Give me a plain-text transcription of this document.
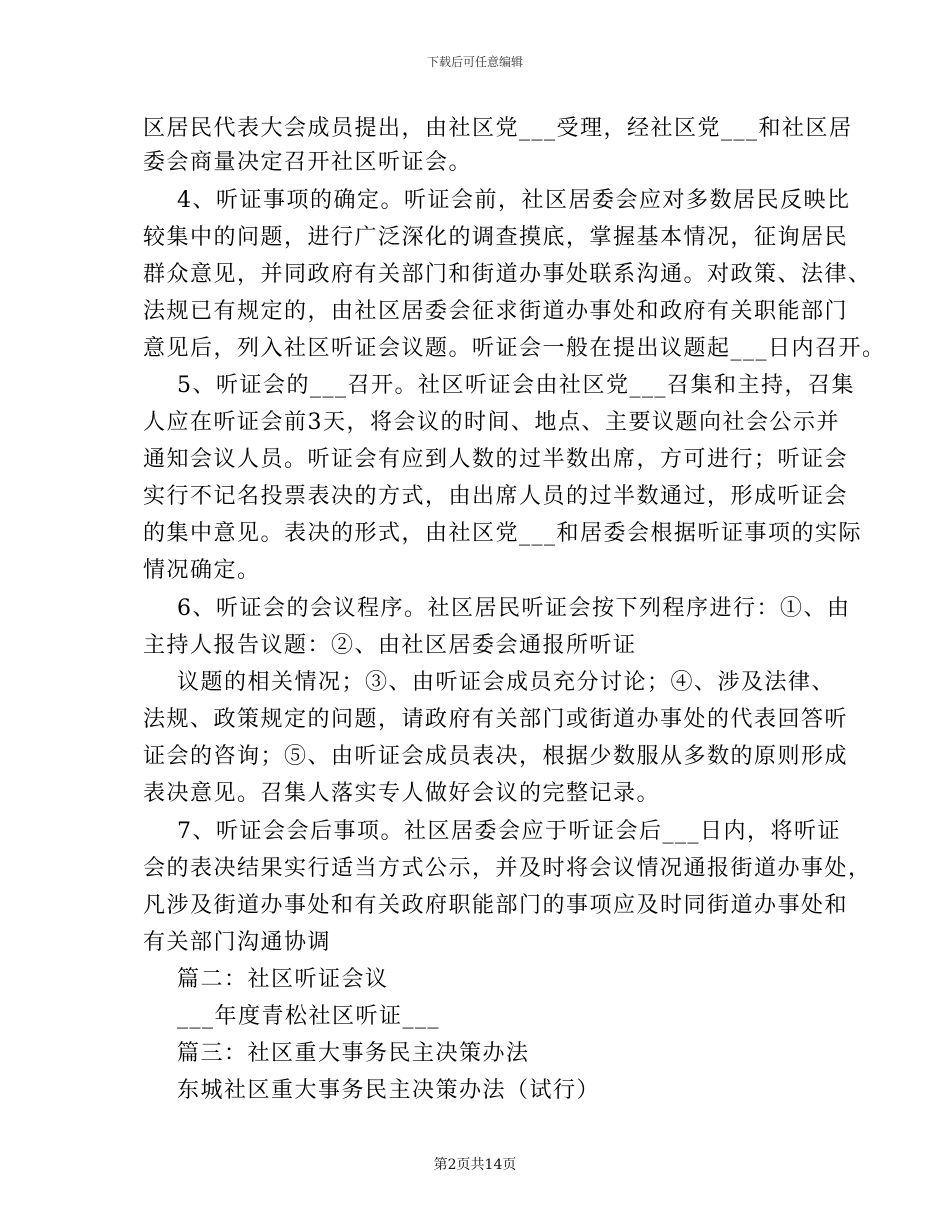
下载后可任意编辑
区居民代表大会成员提出，由社区党___受理，经社区党___和社区居
委会商量决定召开社区听证会。
4、听证事项的确定。听证会前，社区居委会应对多数居民反映比
较集中的问题，进行广泛深化的调查摸底，掌握基本情况，征询居民
群众意见，并同政府有关部门和街道办事处联系沟通。对政策、法律、
法规已有规定的，由社区居委会征求街道办事处和政府有关职能部门
意见后，列入社区听证会议题。听证会一般在提出议题起___日内召开。
5、听证会的___召开。社区听证会由社区党___召集和主持，召集
人应在听证会前3天，将会议的时间、地点、主要议题向社会公示并
通知会议人员。听证会有应到人数的过半数出席，方可进行；听证会
实行不记名投票表决的方式，由出席人员的过半数通过，形成听证会
的集中意见。表决的形式，由社区党___和居委会根据听证事项的实际
情况确定。
6、听证会的会议程序。社区居民听证会按下列程序进行：①、由
主持人报告议题：②、由社区居委会通报所听证
议题的相关情况；③、由听证会成员充分讨论；④、涉及法律、
法规、政策规定的问题，请政府有关部门或街道办事处的代表回答听
证会的咨询；⑤、由听证会成员表决，根据少数服从多数的原则形成
表决意见。召集人落实专人做好会议的完整记录。
7、听证会会后事项。社区居委会应于听证会后___日内，将听证
会的表决结果实行适当方式公示，并及时将会议情况通报街道办事处，
凡涉及街道办事处和有关政府职能部门的事项应及时同街道办事处和
有关部门沟通协调
篇二：社区听证会议
___年度青松社区听证___
篇三：社区重大事务民主决策办法
东城社区重大事务民主决策办法（试行）
第2页共14页
